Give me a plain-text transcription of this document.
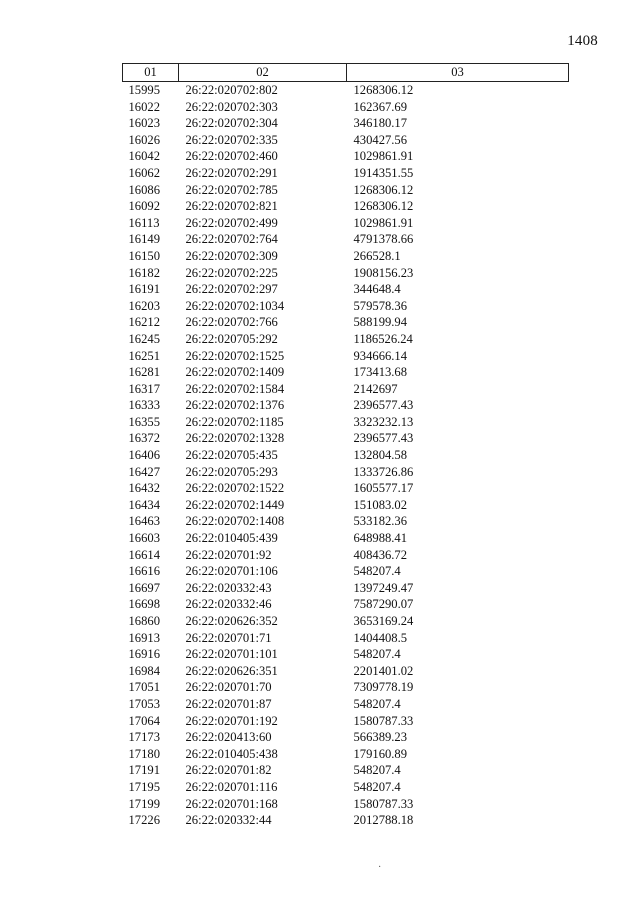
1408
01	02	03
15995	26:22:020702:802	1268306.12
16022	26:22:020702:303	162367.69
16023	26:22:020702:304	346180.17
16026	26:22:020702:335	430427.56
16042	26:22:020702:460	1029861.91
16062	26:22:020702:291	1914351.55
16086	26:22:020702:785	1268306.12
16092	26:22:020702:821	1268306.12
16113	26:22:020702:499	1029861.91
16149	26:22:020702:764	4791378.66
16150	26:22:020702:309	266528.1
16182	26:22:020702:225	1908156.23
16191	26:22:020702:297	344648.4
16203	26:22:020702:1034	579578.36
16212	26:22:020702:766	588199.94
16245	26:22:020705:292	1186526.24
16251	26:22:020702:1525	934666.14
16281	26:22:020702:1409	173413.68
16317	26:22:020702:1584	2142697
16333	26:22:020702:1376	2396577.43
16355	26:22:020702:1185	3323232.13
16372	26:22:020702:1328	2396577.43
16406	26:22:020705:435	132804.58
16427	26:22:020705:293	1333726.86
16432	26:22:020702:1522	1605577.17
16434	26:22:020702:1449	151083.02
16463	26:22:020702:1408	533182.36
16603	26:22:010405:439	648988.41
16614	26:22:020701:92	408436.72
16616	26:22:020701:106	548207.4
16697	26:22:020332:43	1397249.47
16698	26:22:020332:46	7587290.07
16860	26:22:020626:352	3653169.24
16913	26:22:020701:71	1404408.5
16916	26:22:020701:101	548207.4
16984	26:22:020626:351	2201401.02
17051	26:22:020701:70	7309778.19
17053	26:22:020701:87	548207.4
17064	26:22:020701:192	1580787.33
17173	26:22:020413:60	566389.23
17180	26:22:010405:438	179160.89
17191	26:22:020701:82	548207.4
17195	26:22:020701:116	548207.4
17199	26:22:020701:168	1580787.33
17226	26:22:020332:44	2012788.18
·
